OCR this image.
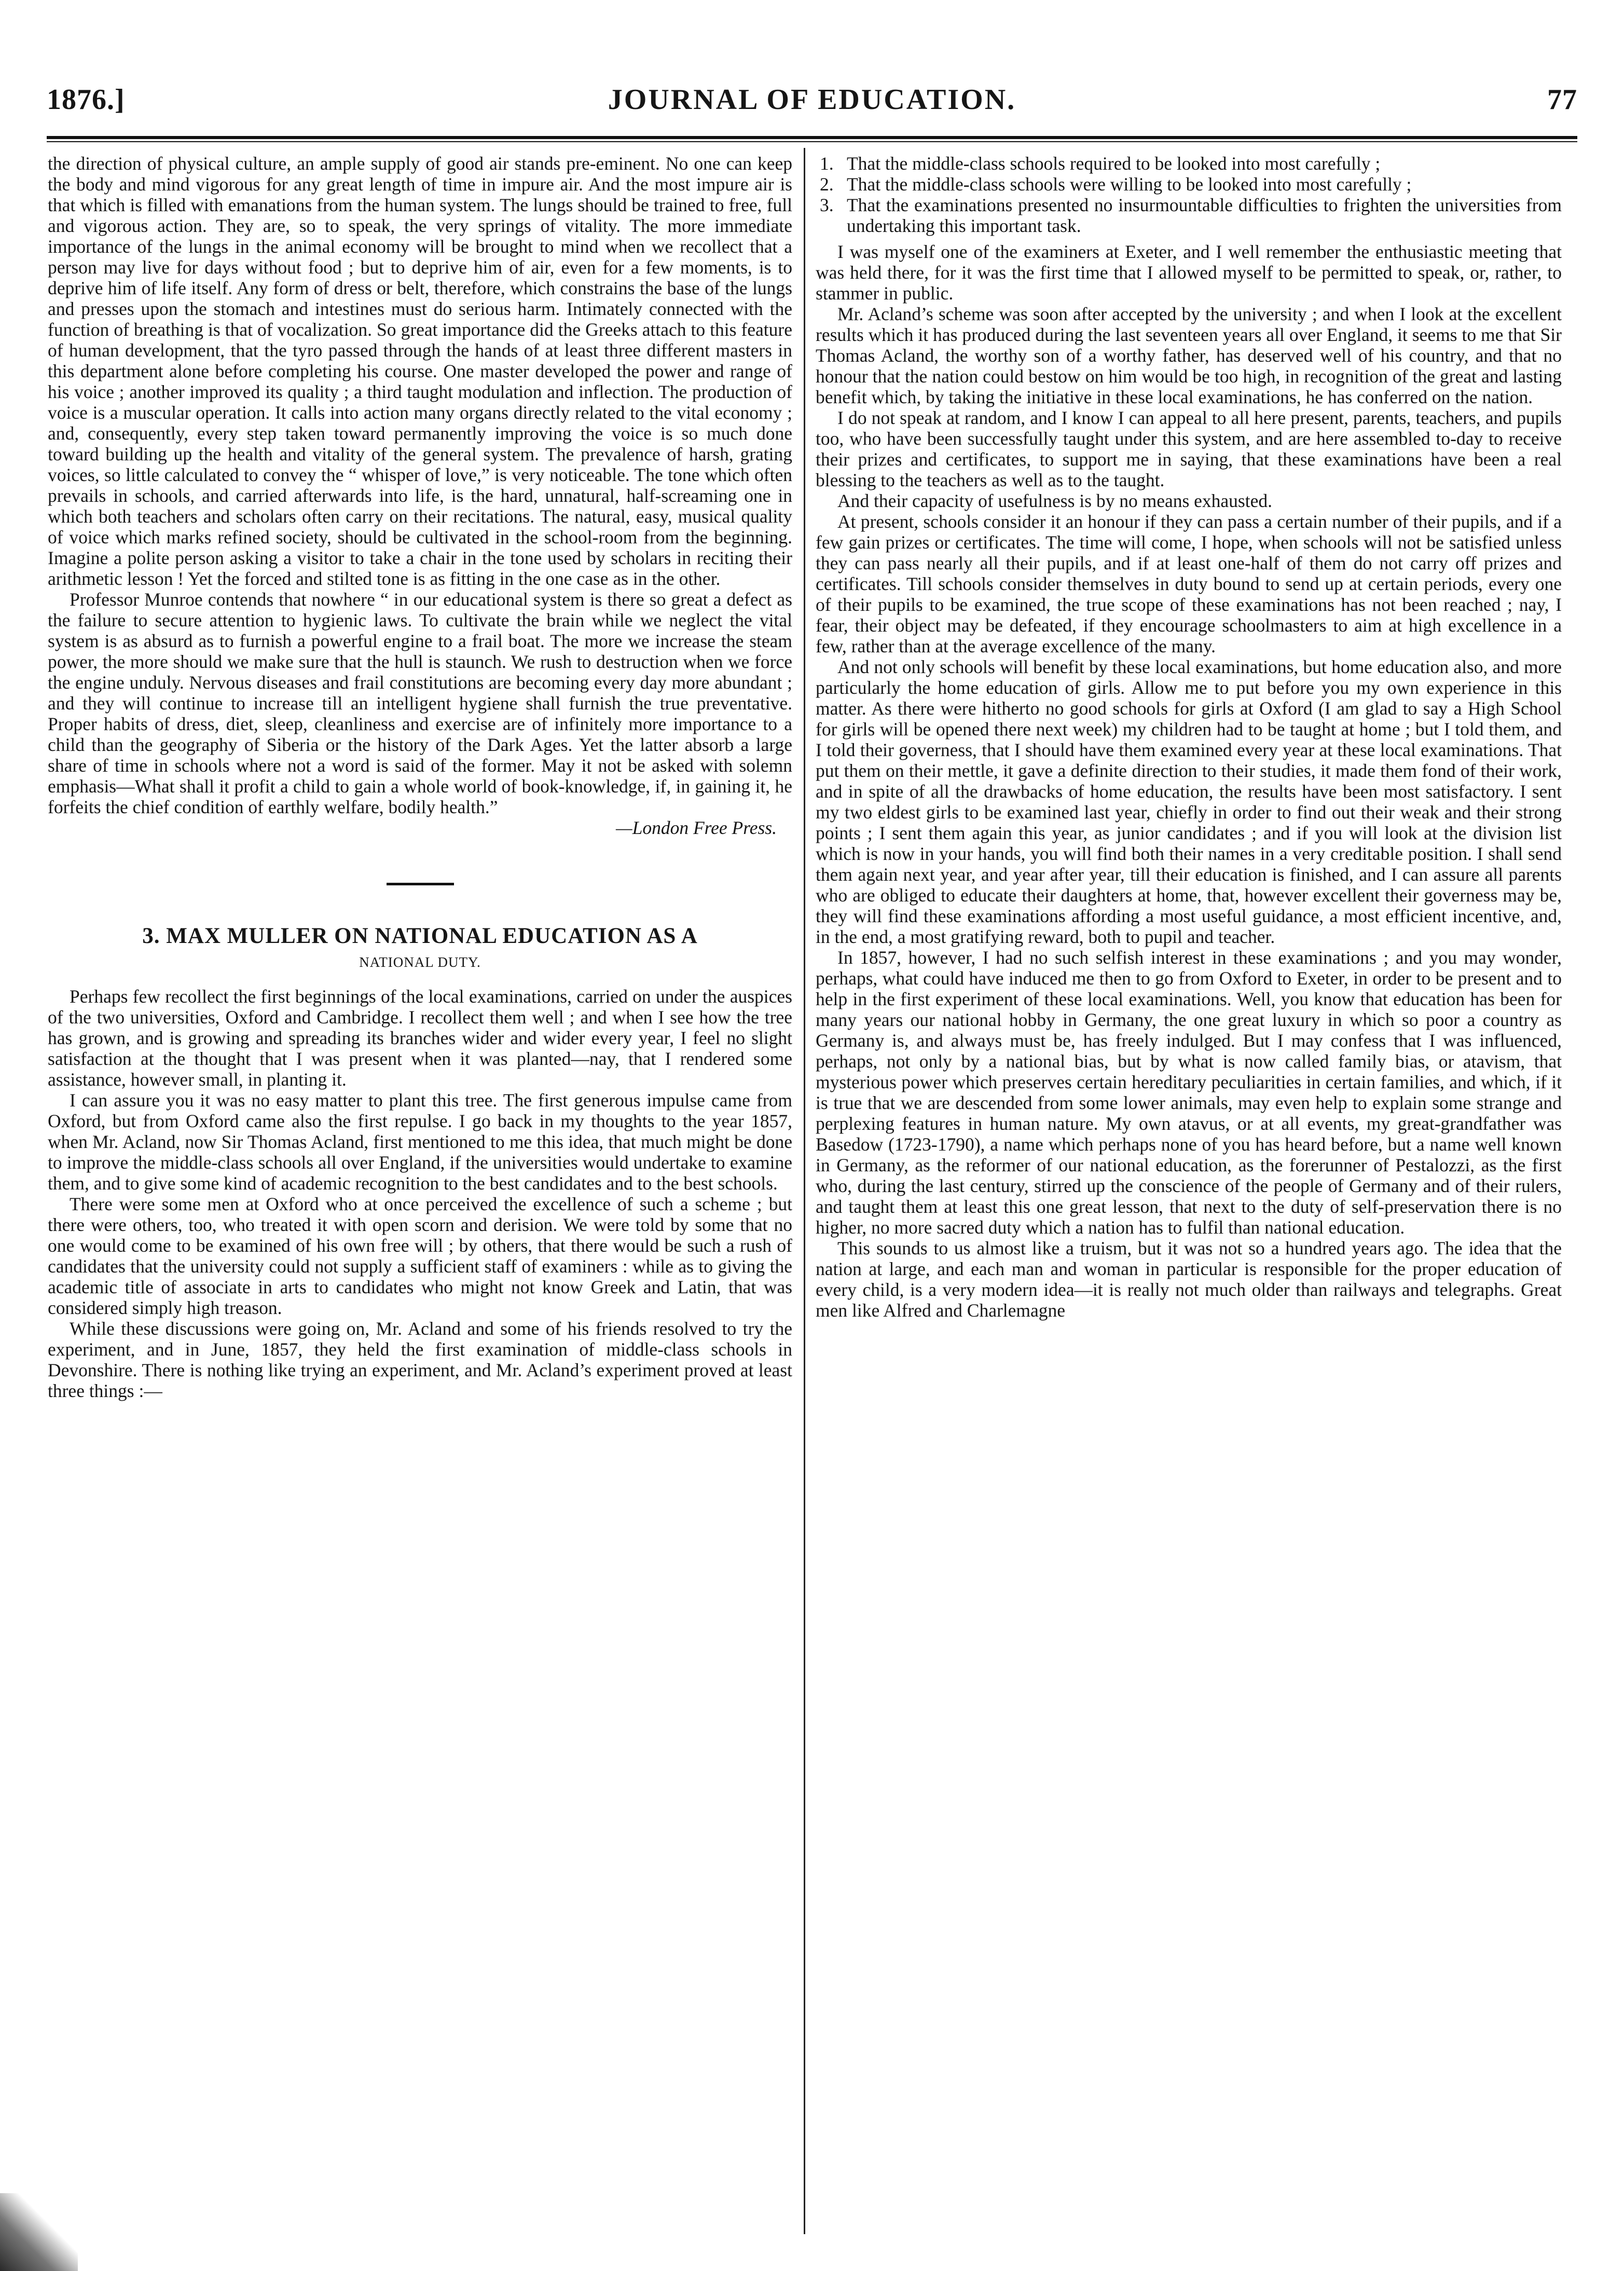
1876.]	JOURNAL OF EDUCATION.	77

the direction of physical culture, an ample supply of good air stands pre-eminent. No one can keep the body and mind vigorous for any great length of time in impure air. And the most impure air is that which is filled with emanations from the human system. The lungs should be trained to free, full and vigorous action. They are, so to speak, the very springs of vitality. The more immediate importance of the lungs in the animal economy will be brought to mind when we recollect that a person may live for days without food ; but to deprive him of air, even for a few moments, is to deprive him of life itself. Any form of dress or belt, therefore, which constrains the base of the lungs and presses upon the stomach and intestines must do serious harm. Intimately connected with the function of breathing is that of vocalization. So great importance did the Greeks attach to this feature of human development, that the tyro passed through the hands of at least three different masters in this department alone before completing his course. One master developed the power and range of his voice ; another improved its quality ; a third taught modulation and inflection. The production of voice is a muscular operation. It calls into action many organs directly related to the vital economy ; and, consequently, every step taken toward permanently improving the voice is so much done toward building up the health and vitality of the general system. The prevalence of harsh, grating voices, so little calculated to convey the “ whisper of love,” is very noticeable. The tone which often prevails in schools, and carried afterwards into life, is the hard, unnatural, half-screaming one in which both teachers and scholars often carry on their recitations. The natural, easy, musical quality of voice which marks refined society, should be cultivated in the school-room from the beginning. Imagine a polite person asking a visitor to take a chair in the tone used by scholars in reciting their arithmetic lesson ! Yet the forced and stilted tone is as fitting in the one case as in the other.

Professor Munroe contends that nowhere “ in our educational system is there so great a defect as the failure to secure attention to hygienic laws. To cultivate the brain while we neglect the vital system is as absurd as to furnish a powerful engine to a frail boat. The more we increase the steam power, the more should we make sure that the hull is staunch. We rush to destruction when we force the engine unduly. Nervous diseases and frail constitutions are becoming every day more abundant ; and they will continue to increase till an intelligent hygiene shall furnish the true preventative. Proper habits of dress, diet, sleep, cleanliness and exercise are of infinitely more importance to a child than the geography of Siberia or the history of the Dark Ages. Yet the latter absorb a large share of time in schools where not a word is said of the former. May it not be asked with solemn emphasis—What shall it profit a child to gain a whole world of book-knowledge, if, in gaining it, he forfeits the chief condition of earthly welfare, bodily health.”

—London Free Press.

3. MAX MULLER ON NATIONAL EDUCATION AS A
NATIONAL DUTY.

Perhaps few recollect the first beginnings of the local examinations, carried on under the auspices of the two universities, Oxford and Cambridge. I recollect them well ; and when I see how the tree has grown, and is growing and spreading its branches wider and wider every year, I feel no slight satisfaction at the thought that I was present when it was planted—nay, that I rendered some assistance, however small, in planting it.

I can assure you it was no easy matter to plant this tree. The first generous impulse came from Oxford, but from Oxford came also the first repulse. I go back in my thoughts to the year 1857, when Mr. Acland, now Sir Thomas Acland, first mentioned to me this idea, that much might be done to improve the middle-class schools all over England, if the universities would undertake to examine them, and to give some kind of academic recognition to the best candidates and to the best schools.

There were some men at Oxford who at once perceived the excellence of such a scheme ; but there were others, too, who treated it with open scorn and derision. We were told by some that no one would come to be examined of his own free will ; by others, that there would be such a rush of candidates that the university could not supply a sufficient staff of examiners : while as to giving the academic title of associate in arts to candidates who might not know Greek and Latin, that was considered simply high treason.

While these discussions were going on, Mr. Acland and some of his friends resolved to try the experiment, and in June, 1857, they held the first examination of middle-class schools in Devonshire. There is nothing like trying an experiment, and Mr. Acland’s experiment proved at least three things :—

1. That the middle-class schools required to be looked into most carefully ;
2. That the middle-class schools were willing to be looked into most carefully ;
3. That the examinations presented no insurmountable difficulties to frighten the universities from undertaking this important task.

I was myself one of the examiners at Exeter, and I well remember the enthusiastic meeting that was held there, for it was the first time that I allowed myself to be permitted to speak, or, rather, to stammer in public.

Mr. Acland’s scheme was soon after accepted by the university ; and when I look at the excellent results which it has produced during the last seventeen years all over England, it seems to me that Sir Thomas Acland, the worthy son of a worthy father, has deserved well of his country, and that no honour that the nation could bestow on him would be too high, in recognition of the great and lasting benefit which, by taking the initiative in these local examinations, he has conferred on the nation.

I do not speak at random, and I know I can appeal to all here present, parents, teachers, and pupils too, who have been successfully taught under this system, and are here assembled to-day to receive their prizes and certificates, to support me in saying, that these examinations have been a real blessing to the teachers as well as to the taught.

And their capacity of usefulness is by no means exhausted.

At present, schools consider it an honour if they can pass a certain number of their pupils, and if a few gain prizes or certificates. The time will come, I hope, when schools will not be satisfied unless they can pass nearly all their pupils, and if at least one-half of them do not carry off prizes and certificates. Till schools consider themselves in duty bound to send up at certain periods, every one of their pupils to be examined, the true scope of these examinations has not been reached ; nay, I fear, their object may be defeated, if they encourage schoolmasters to aim at high excellence in a few, rather than at the average excellence of the many.

And not only schools will benefit by these local examinations, but home education also, and more particularly the home education of girls. Allow me to put before you my own experience in this matter. As there were hitherto no good schools for girls at Oxford (I am glad to say a High School for girls will be opened there next week) my children had to be taught at home ; but I told them, and I told their governess, that I should have them examined every year at these local examinations. That put them on their mettle, it gave a definite direction to their studies, it made them fond of their work, and in spite of all the drawbacks of home education, the results have been most satisfactory. I sent my two eldest girls to be examined last year, chiefly in order to find out their weak and their strong points ; I sent them again this year, as junior candidates ; and if you will look at the division list which is now in your hands, you will find both their names in a very creditable position. I shall send them again next year, and year after year, till their education is finished, and I can assure all parents who are obliged to educate their daughters at home, that, however excellent their governess may be, they will find these examinations affording a most useful guidance, a most efficient incentive, and, in the end, a most gratifying reward, both to pupil and teacher.

In 1857, however, I had no such selfish interest in these examinations ; and you may wonder, perhaps, what could have induced me then to go from Oxford to Exeter, in order to be present and to help in the first experiment of these local examinations. Well, you know that education has been for many years our national hobby in Germany, the one great luxury in which so poor a country as Germany is, and always must be, has freely indulged. But I may confess that I was influenced, perhaps, not only by a national bias, but by what is now called family bias, or atavism, that mysterious power which preserves certain hereditary peculiarities in certain families, and which, if it is true that we are descended from some lower animals, may even help to explain some strange and perplexing features in human nature. My own atavus, or at all events, my great-grandfather was Basedow (1723-1790), a name which perhaps none of you has heard before, but a name well known in Germany, as the reformer of our national education, as the forerunner of Pestalozzi, as the first who, during the last century, stirred up the conscience of the people of Germany and of their rulers, and taught them at least this one great lesson, that next to the duty of self-preservation there is no higher, no more sacred duty which a nation has to fulfil than national education.

This sounds to us almost like a truism, but it was not so a hundred years ago. The idea that the nation at large, and each man and woman in particular is responsible for the proper education of every child, is a very modern idea—it is really not much older than railways and telegraphs. Great men like Alfred and Charlemagne
